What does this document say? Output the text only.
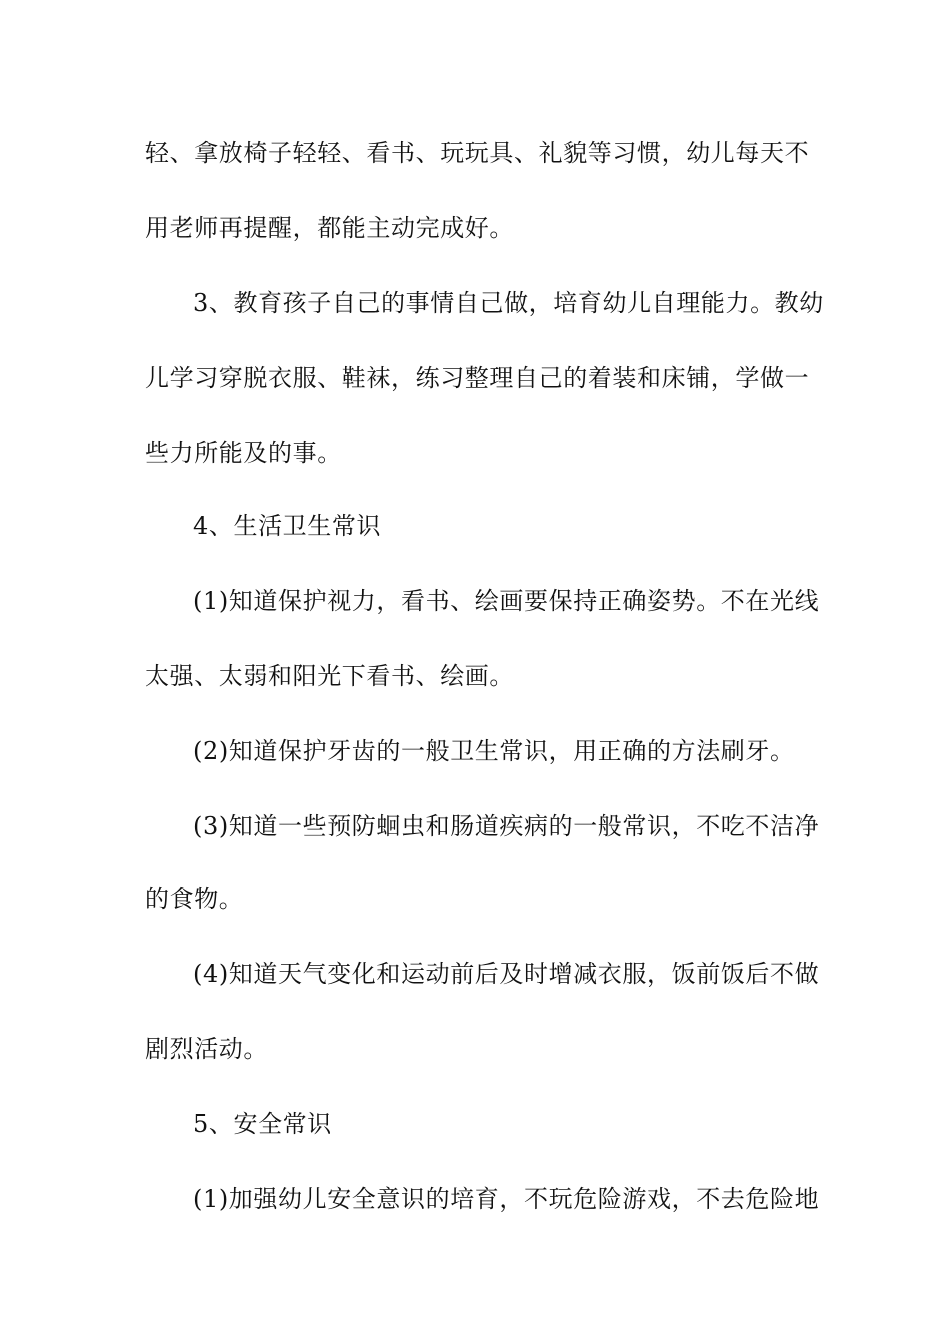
轻、拿放椅子轻轻、看书、玩玩具、礼貌等习惯，幼儿每天不
用老师再提醒，都能主动完成好。
3、教育孩子自己的事情自己做，培育幼儿自理能力。教幼
儿学习穿脱衣服、鞋袜，练习整理自己的着装和床铺，学做一
些力所能及的事。
4、生活卫生常识
(1)知道保护视力，看书、绘画要保持正确姿势。不在光线
太强、太弱和阳光下看书、绘画。
(2)知道保护牙齿的一般卫生常识，用正确的方法刷牙。
(3)知道一些预防蛔虫和肠道疾病的一般常识，不吃不洁净
的食物。
(4)知道天气变化和运动前后及时增减衣服，饭前饭后不做
剧烈活动。
5、安全常识
(1)加强幼儿安全意识的培育，不玩危险游戏，不去危险地
